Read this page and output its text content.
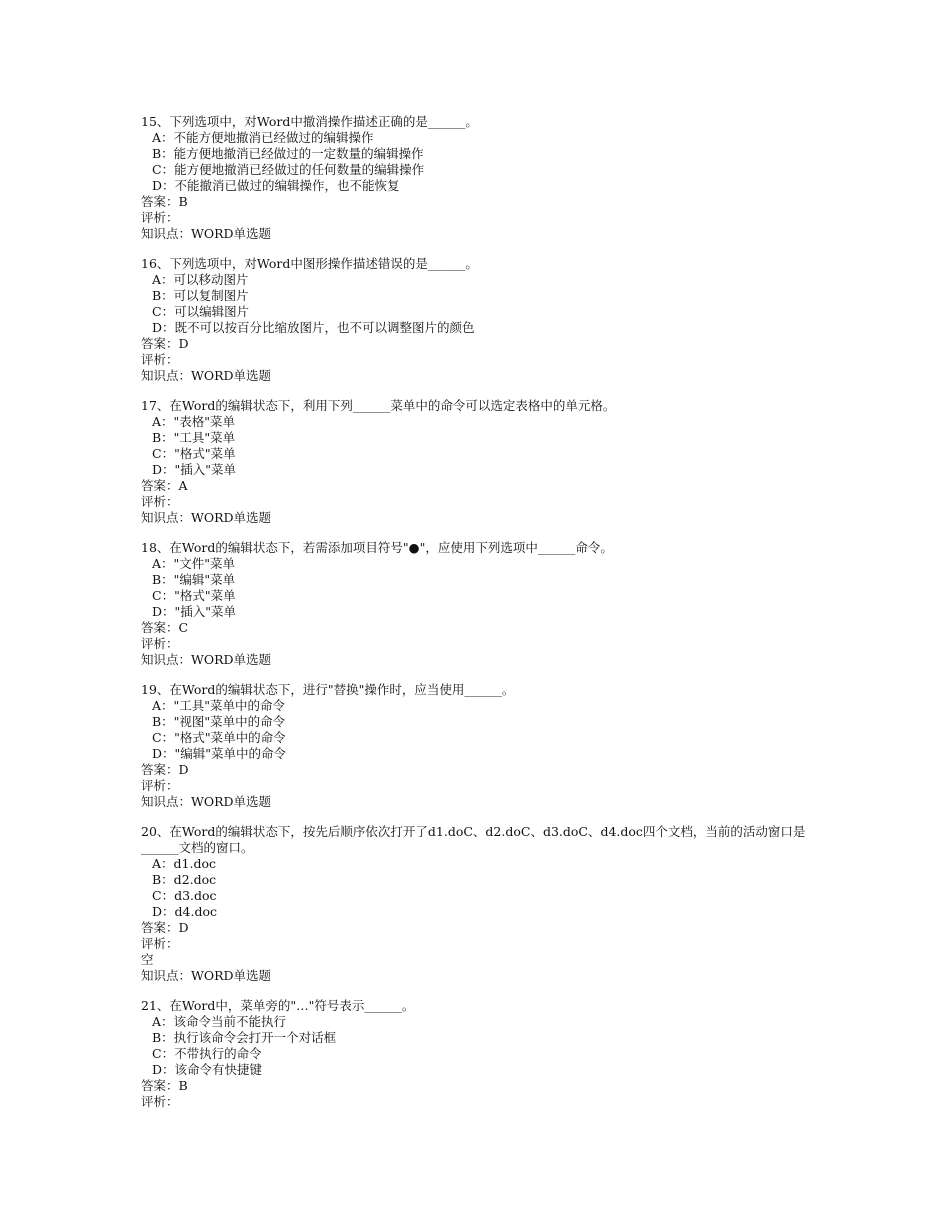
15、下列选项中，对Word中撤消操作描述正确的是______。
A：不能方便地撤消已经做过的编辑操作
B：能方便地撤消已经做过的一定数量的编辑操作
C：能方便地撤消已经做过的任何数量的编辑操作
D：不能撤消已做过的编辑操作，也不能恢复
答案：B
评析：
知识点：WORD单选题
16、下列选项中，对Word中图形操作描述错误的是______。
A：可以移动图片
B：可以复制图片
C：可以编辑图片
D：既不可以按百分比缩放图片，也不可以调整图片的颜色
答案：D
评析：
知识点：WORD单选题
17、在Word的编辑状态下，利用下列______菜单中的命令可以选定表格中的单元格。
A："表格"菜单
B："工具"菜单
C："格式"菜单
D："插入"菜单
答案：A
评析：
知识点：WORD单选题
18、在Word的编辑状态下，若需添加项目符号"●"，应使用下列选项中______命令。
A："文件"菜单
B："编辑"菜单
C："格式"菜单
D："插入"菜单
答案：C
评析：
知识点：WORD单选题
19、在Word的编辑状态下，进行"替换"操作时，应当使用______。
A："工具"菜单中的命令
B："视图"菜单中的命令
C："格式"菜单中的命令
D："编辑"菜单中的命令
答案：D
评析：
知识点：WORD单选题
20、在Word的编辑状态下，按先后顺序依次打开了d1.doC、d2.doC、d3.doC、d4.doc四个文档，当前的活动窗口是______文档的窗口。
A：d1.doc
B：d2.doc
C：d3.doc
D：d4.doc
答案：D
评析：
空
知识点：WORD单选题
21、在Word中，菜单旁的"…"符号表示______。
A：该命令当前不能执行
B：执行该命令会打开一个对话框
C：不带执行的命令
D：该命令有快捷键
答案：B
评析：
